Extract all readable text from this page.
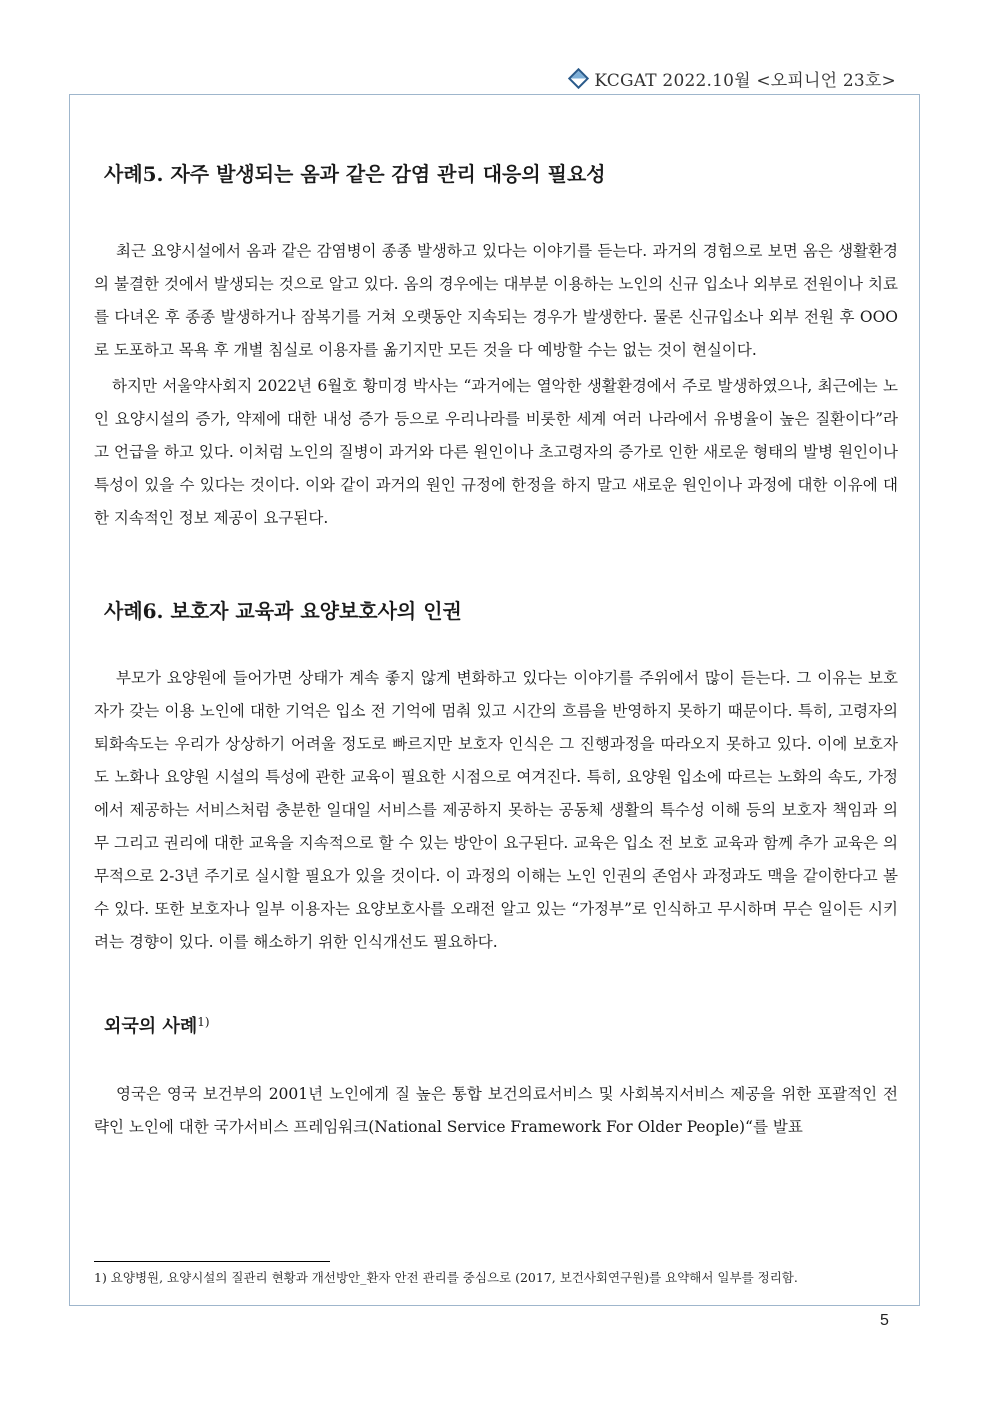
KCGAT 2022.10월 <오피니언 23호>
사례5. 자주 발생되는 옴과 같은 감염 관리 대응의 필요성

최근 요양시설에서 옴과 같은 감염병이 종종 발생하고 있다는 이야기를 듣는다. 과거의 경험으로 보면 옴은 생활환경의 불결한 것에서 발생되는 것으로 알고 있다. 옴의 경우에는 대부분 이용하는 노인의 신규 입소나 외부로 전원이나 치료를 다녀온 후 종종 발생하거나 잠복기를 거쳐 오랫동안 지속되는 경우가 발생한다. 물론 신규입소나 외부 전원 후 OOO로 도포하고 목욕 후 개별 침실로 이용자를 옮기지만 모든 것을 다 예방할 수는 없는 것이 현실이다.

하지만 서울약사회지 2022년 6월호 황미경 박사는 “과거에는 열악한 생활환경에서 주로 발생하였으나, 최근에는 노인 요양시설의 증가, 약제에 대한 내성 증가 등으로 우리나라를 비롯한 세계 여러 나라에서 유병율이 높은 질환이다”라고 언급을 하고 있다. 이처럼 노인의 질병이 과거와 다른 원인이나 초고령자의 증가로 인한 새로운 형태의 발병 원인이나 특성이 있을 수 있다는 것이다. 이와 같이 과거의 원인 규정에 한정을 하지 말고 새로운 원인이나 과정에 대한 이유에 대한 지속적인 정보 제공이 요구된다.

사례6. 보호자 교육과 요양보호사의 인권

부모가 요양원에 들어가면 상태가 계속 좋지 않게 변화하고 있다는 이야기를 주위에서 많이 듣는다. 그 이유는 보호자가 갖는 이용 노인에 대한 기억은 입소 전 기억에 멈춰 있고 시간의 흐름을 반영하지 못하기 때문이다. 특히, 고령자의 퇴화속도는 우리가 상상하기 어려울 정도로 빠르지만 보호자 인식은 그 진행과정을 따라오지 못하고 있다. 이에 보호자도 노화나 요양원 시설의 특성에 관한 교육이 필요한 시점으로 여겨진다. 특히, 요양원 입소에 따르는 노화의 속도, 가정에서 제공하는 서비스처럼 충분한 일대일 서비스를 제공하지 못하는 공동체 생활의 특수성 이해 등의 보호자 책임과 의무 그리고 권리에 대한 교육을 지속적으로 할 수 있는 방안이 요구된다. 교육은 입소 전 보호 교육과 함께 추가 교육은 의무적으로 2-3년 주기로 실시할 필요가 있을 것이다. 이 과정의 이해는 노인 인권의 존엄사 과정과도 맥을 같이한다고 볼 수 있다. 또한 보호자나 일부 이용자는 요양보호사를 오래전 알고 있는 “가정부”로 인식하고 무시하며 무슨 일이든 시키려는 경향이 있다. 이를 해소하기 위한 인식개선도 필요하다.

외국의 사례$^{1)}$

영국은 영국 보건부의 2001년 노인에게 질 높은 통합 보건의료서비스 및 사회복지서비스 제공을 위한 포괄적인 전략인 노인에 대한 국가서비스 프레임워크(National Service Framework For Older People)“를 발표

1) 요양병원, 요양시설의 질관리 현황과 개선방안_환자 안전 관리를 중심으로 (2017, 보건사회연구원)를 요약해서 일부를 정리함.
5
